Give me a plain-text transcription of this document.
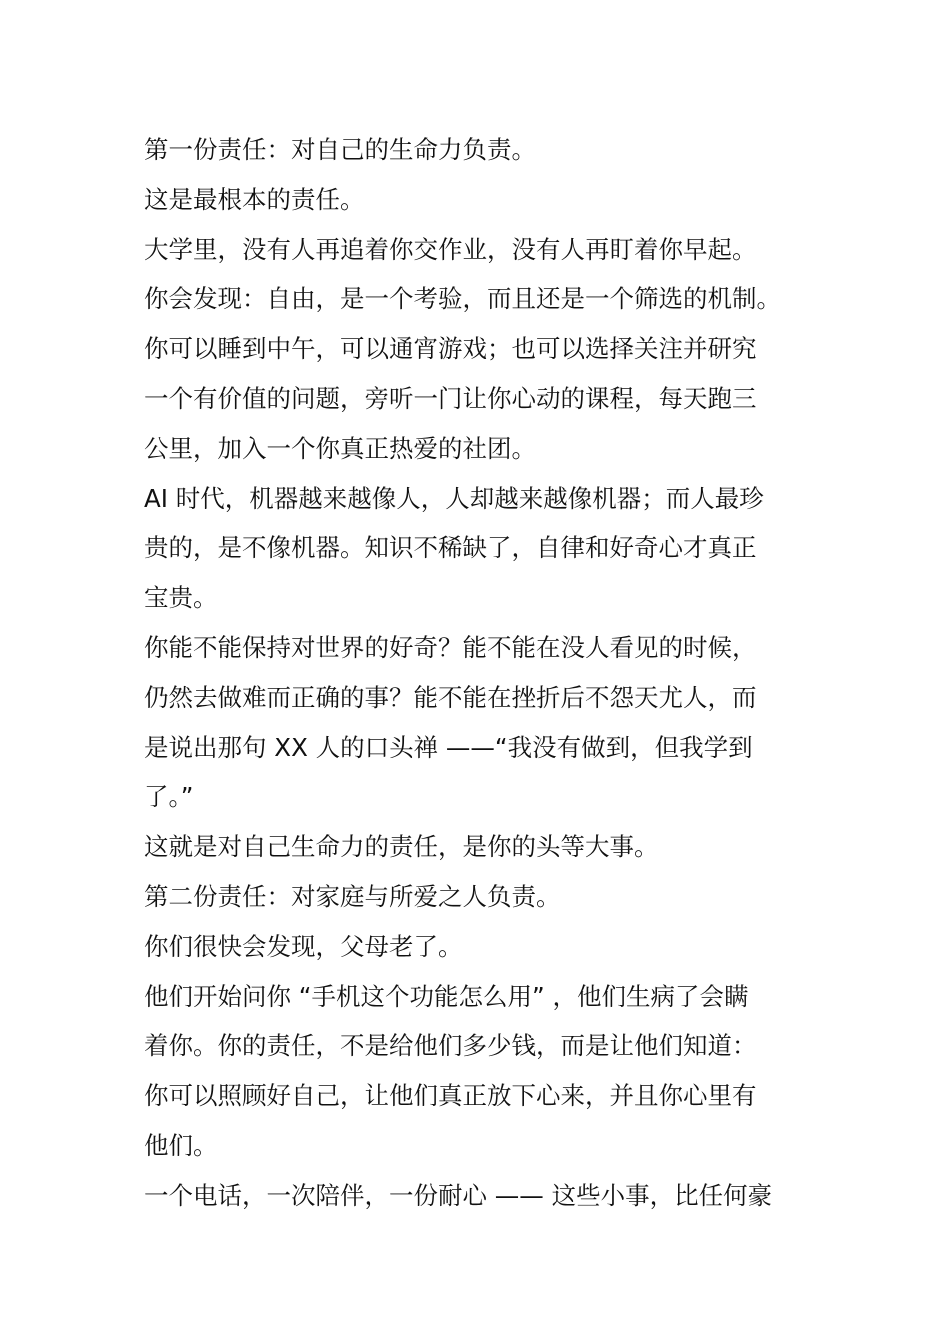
第一份责任：对自己的生命力负责。

这是最根本的责任。

大学里，没有人再追着你交作业，没有人再盯着你早起。

你会发现：自由，是一个考验，而且还是一个筛选的机制。

你可以睡到中午，可以通宵游戏；也可以选择关注并研究

一个有价值的问题，旁听一门让你心动的课程，每天跑三

公里，加入一个你真正热爱的社团。

AI 时代，机器越来越像人，人却越来越像机器；而人最珍

贵的，是不像机器。知识不稀缺了，自律和好奇心才真正

宝贵。

你能不能保持对世界的好奇？能不能在没人看见的时候，

仍然去做难而正确的事？能不能在挫折后不怨天尤人，而

是说出那句 XX 人的口头禅 ——“我没有做到，但我学到

了。”

这就是对自己生命力的责任，是你的头等大事。

第二份责任：对家庭与所爱之人负责。

你们很快会发现，父母老了。

他们开始问你 “手机这个功能怎么用” ，他们生病了会瞒

着你。你的责任，不是给他们多少钱，而是让他们知道：

你可以照顾好自己，让他们真正放下心来，并且你心里有

他们。

一个电话，一次陪伴，一份耐心 —— 这些小事，比任何豪
